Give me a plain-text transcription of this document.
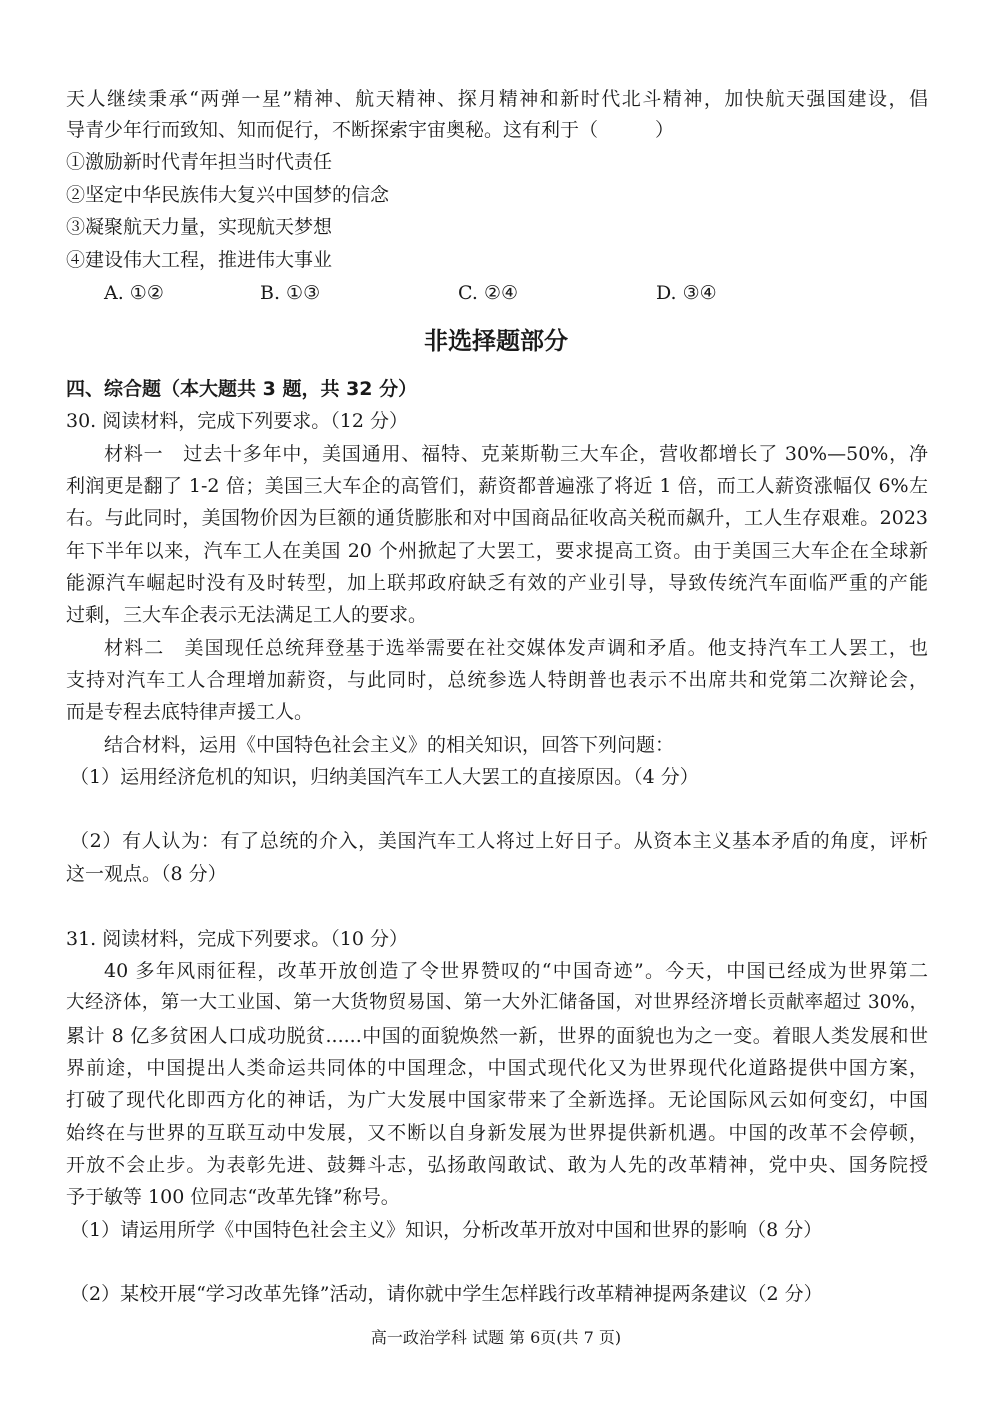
天人继续秉承“两弹一星”精神、航天精神、探月精神和新时代北斗精神，加快航天强国建设，倡
导青少年行而致知、知而促行，不断探索宇宙奥秘。这有利于（　　　）
①激励新时代青年担当时代责任
②坚定中华民族伟大复兴中国梦的信念
③凝聚航天力量，实现航天梦想
④建设伟大工程，推进伟大事业
A. ①②	B. ①③	C. ②④	D. ③④
非选择题部分
四、综合题（本大题共 3 题，共 32 分）
30. 阅读材料，完成下列要求。（12 分）
材料一　过去十多年中，美国通用、福特、克莱斯勒三大车企，营收都增长了 30%—50%，净
利润更是翻了 1-2 倍；美国三大车企的高管们，薪资都普遍涨了将近 1 倍，而工人薪资涨幅仅 6%左
右。与此同时，美国物价因为巨额的通货膨胀和对中国商品征收高关税而飙升，工人生存艰难。2023
年下半年以来，汽车工人在美国 20 个州掀起了大罢工，要求提高工资。由于美国三大车企在全球新
能源汽车崛起时没有及时转型，加上联邦政府缺乏有效的产业引导，导致传统汽车面临严重的产能
过剩，三大车企表示无法满足工人的要求。
材料二　美国现任总统拜登基于选举需要在社交媒体发声调和矛盾。他支持汽车工人罢工，也
支持对汽车工人合理增加薪资，与此同时，总统参选人特朗普也表示不出席共和党第二次辩论会，
而是专程去底特律声援工人。
结合材料，运用《中国特色社会主义》的相关知识，回答下列问题：
（1）运用经济危机的知识，归纳美国汽车工人大罢工的直接原因。（4 分）
（2）有人认为：有了总统的介入，美国汽车工人将过上好日子。从资本主义基本矛盾的角度，评析
这一观点。（8 分）
31. 阅读材料，完成下列要求。（10 分）
40 多年风雨征程，改革开放创造了令世界赞叹的“中国奇迹”。今天，中国已经成为世界第二
大经济体，第一大工业国、第一大货物贸易国、第一大外汇储备国，对世界经济增长贡献率超过 30%，
累计 8 亿多贫困人口成功脱贫......中国的面貌焕然一新，世界的面貌也为之一变。着眼人类发展和世
界前途，中国提出人类命运共同体的中国理念，中国式现代化又为世界现代化道路提供中国方案，
打破了现代化即西方化的神话，为广大发展中国家带来了全新选择。无论国际风云如何变幻，中国
始终在与世界的互联互动中发展，又不断以自身新发展为世界提供新机遇。中国的改革不会停顿，
开放不会止步。为表彰先进、鼓舞斗志，弘扬敢闯敢试、敢为人先的改革精神，党中央、国务院授
予于敏等 100 位同志“改革先锋”称号。
（1）请运用所学《中国特色社会主义》知识，分析改革开放对中国和世界的影响（8 分）
（2）某校开展“学习改革先锋”活动，请你就中学生怎样践行改革精神提两条建议（2 分）
高一政治学科 试题 第 6页(共 7 页)
